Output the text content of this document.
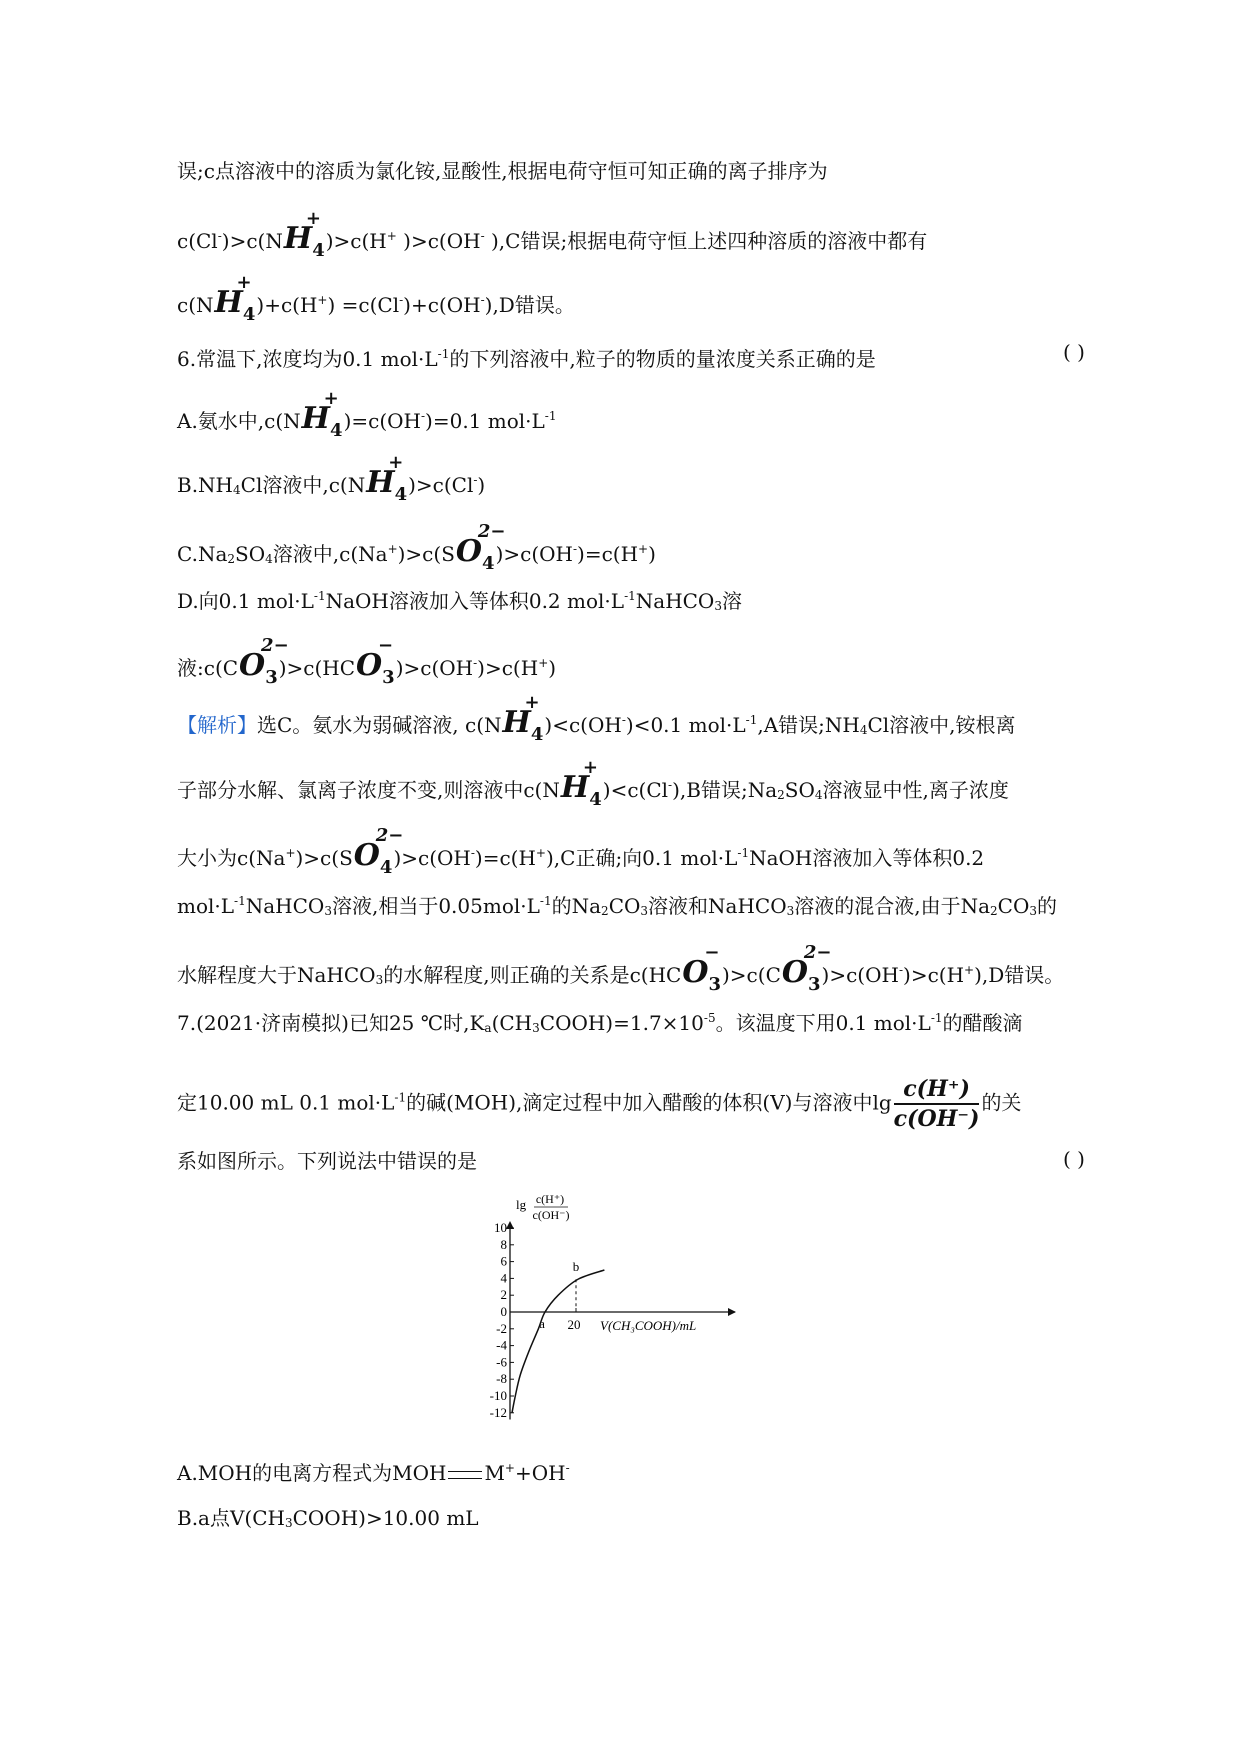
误;c点溶液中的溶质为氯化铵,显酸性,根据电荷守恒可知正确的离子排序为
c(Cl-)>c(NH4
+
)>c(H+ )>c(OH- ),C错误;根据电荷守恒上述四种溶质的溶液中都有
c(NH4
+
)+c(H+) =c(Cl-)+c(OH-),D错误。
6.常温下,浓度均为0.1 $mol\cdot L^{-1}$的下列溶液中,粒子的物质的量浓度关系正确的是	( )
A.氨水中,c(NH4
+
)=c(OH-)=0.1 $mol\cdot L^{-1}$
$B.NH_4Cl$溶液中,c(NH4
+
)>c(Cl-)
$C.Na_2SO_4$溶液中,c(Na+)>c(SO4
2−
)>c(OH-)=c(H+)
D.向0.1 $mol\cdot L^{-1}NaOH$溶液加入等体积0.2 $mol\cdot L^{-1}NaHCO_3$溶
液:c(CO3
2−
)>c(HCO3
−
)>c(OH-)>c(H+)
【解析】选C。氨水为弱碱溶液, c(NH4
+
)<c(OH-)<0.1 $mol\cdot L^{-1},A$错误$;NH_4Cl$溶液中,铵根离
子部分水解、氯离子浓度不变,则溶液中c(NH4
+
)<c(Cl-),B错误$;Na_2SO_4$溶液显中性,离子浓度
大小为c(Na+)>c(SO4
2−
)>c(OH-)=c(H+),C正确;向0.1 $mol\cdot L^{-1}NaOH$溶液加入等体积0.2
$mol\cdot L^{-1}NaHCO_3$溶液,相当于$0.05mol\cdot L^{-1}$的$Na_2CO_3$溶液和NaHCO$_3$溶液的混合液,由于$Na_2CO_3$的
水解程度大于NaHCO$_3$的水解程度,则正确的关系是c(HCO3
−
)>c(CO3
2−
)>c(OH-)>c(H+),D错误。
7.(2021·济南模拟)已知25 ℃时$,K_a(CH_3COOH)=1.7\times 10^{-5}$。该温度下用0.1 $mol\cdot L^{-1}$的醋酸滴
定10.00 mL 0.1 $mol\cdot L^{-1}$的碱(MOH),滴定过程中加入醋酸的体积(V)与溶液中$\lg \frac{c(H^+)}{c(OH^-)}$ 的关
系如图所示。下列说法中错误的是	( )
10
8
6
4
2
0
-2
-4
-6
-8
-10
-12
20
a
b
V(CH₃COOH)/mL
lg c(H⁺)
c(OH⁻)
A.MOH的电离方程式为MOH M++OH-
B.a点$V(CH_3COOH)>10.00$ mL
